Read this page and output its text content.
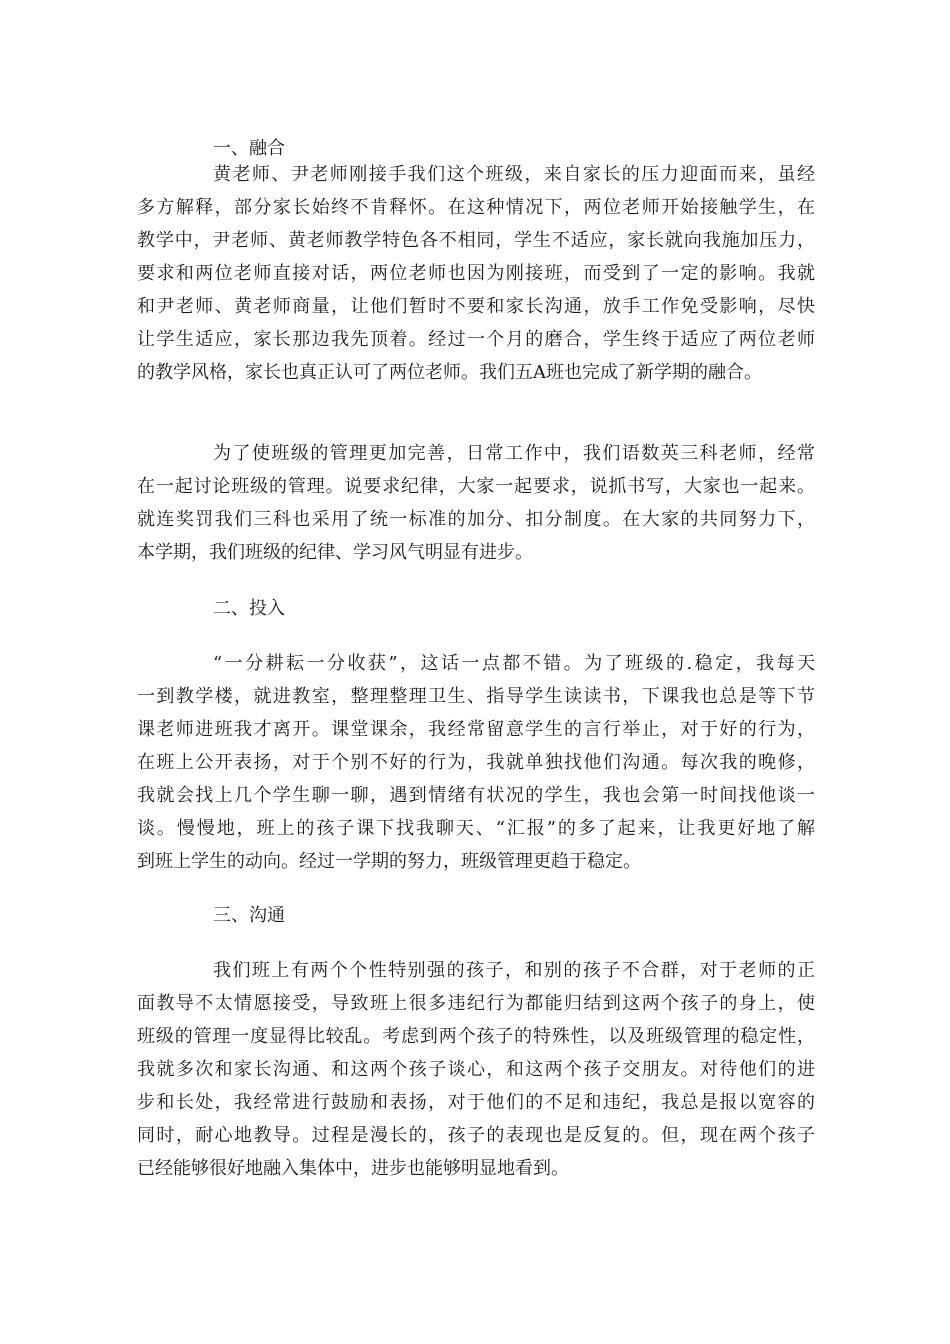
一、融合
黄老师、尹老师刚接手我们这个班级，来自家长的压力迎面而来，虽经
多方解释，部分家长始终不肯释怀。在这种情况下，两位老师开始接触学生，在
教学中，尹老师、黄老师教学特色各不相同，学生不适应，家长就向我施加压力，
要求和两位老师直接对话，两位老师也因为刚接班，而受到了一定的影响。我就
和尹老师、黄老师商量，让他们暂时不要和家长沟通，放手工作免受影响，尽快
让学生适应，家长那边我先顶着。经过一个月的磨合，学生终于适应了两位老师
的教学风格，家长也真正认可了两位老师。我们五A班也完成了新学期的融合。
为了使班级的管理更加完善，日常工作中，我们语数英三科老师，经常
在一起讨论班级的管理。说要求纪律，大家一起要求，说抓书写，大家也一起来。
就连奖罚我们三科也采用了统一标准的加分、扣分制度。在大家的共同努力下，
本学期，我们班级的纪律、学习风气明显有进步。
二、投入
“一分耕耘一分收获”，这话一点都不错。为了班级的.稳定，我每天
一到教学楼，就进教室，整理整理卫生、指导学生读读书，下课我也总是等下节
课老师进班我才离开。课堂课余，我经常留意学生的言行举止，对于好的行为，
在班上公开表扬，对于个别不好的行为，我就单独找他们沟通。每次我的晚修，
我就会找上几个学生聊一聊，遇到情绪有状况的学生，我也会第一时间找他谈一
谈。慢慢地，班上的孩子课下找我聊天、“汇报”的多了起来，让我更好地了解
到班上学生的动向。经过一学期的努力，班级管理更趋于稳定。
三、沟通
我们班上有两个个性特别强的孩子，和别的孩子不合群，对于老师的正
面教导不太情愿接受，导致班上很多违纪行为都能归结到这两个孩子的身上，使
班级的管理一度显得比较乱。考虑到两个孩子的特殊性，以及班级管理的稳定性，
我就多次和家长沟通、和这两个孩子谈心，和这两个孩子交朋友。对待他们的进
步和长处，我经常进行鼓励和表扬，对于他们的不足和违纪，我总是报以宽容的
同时，耐心地教导。过程是漫长的，孩子的表现也是反复的。但，现在两个孩子
已经能够很好地融入集体中，进步也能够明显地看到。
